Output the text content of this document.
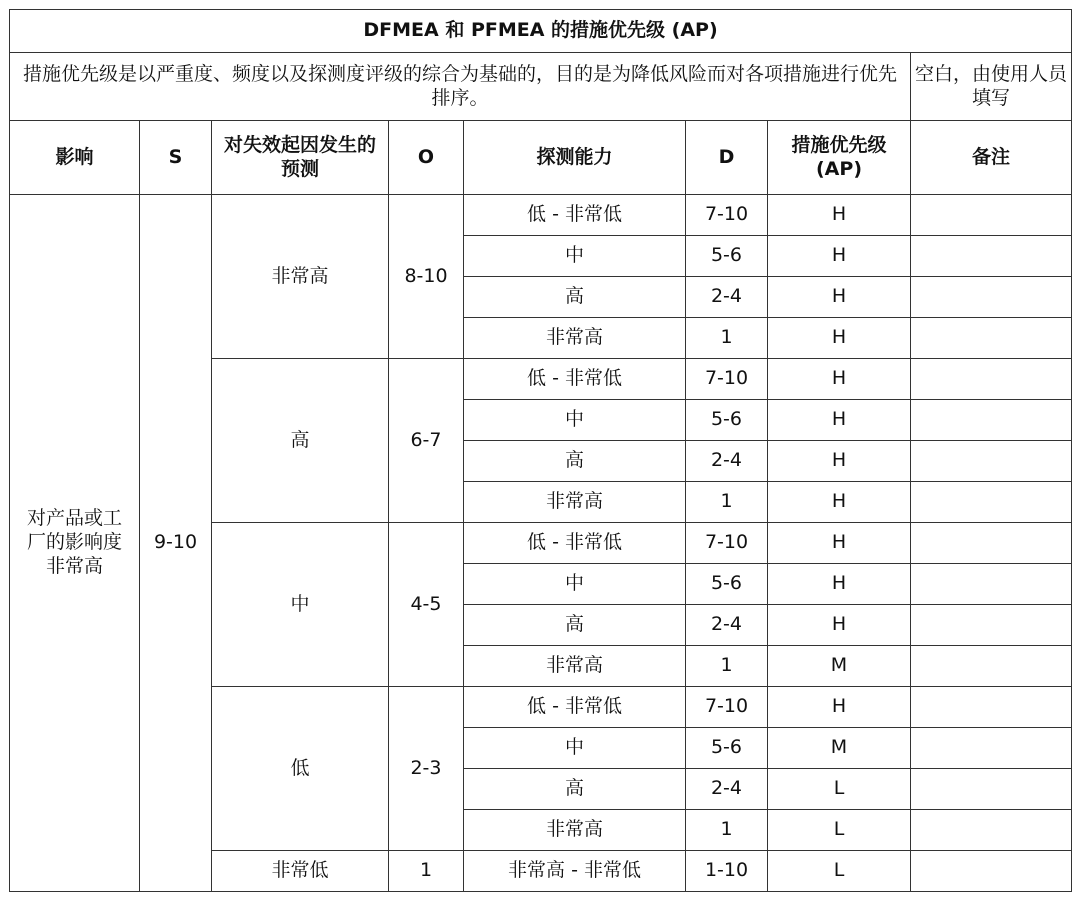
DFMEA 和 PFMEA 的措施优先级 (AP)							
措施优先级是以严重度、频度以及探测度评级的综合为基础的，目的是为降低风险而对各项措施进行优先排序。							空白，由使用人员填写
影响	S	对失效起因发生的预测	O	探测能力	D	措施优先级(AP)	备注
对产品或工厂的影响度非常高	9-10	非常高	8-10	低 - 非常低	7-10	H	
				中	5-6	H	
				高	2-4	H	
				非常高	1	H	
		高	6-7	低 - 非常低	7-10	H	
				中	5-6	H	
				高	2-4	H	
				非常高	1	H	
		中	4-5	低 - 非常低	7-10	H	
				中	5-6	H	
				高	2-4	H	
				非常高	1	M	
		低	2-3	低 - 非常低	7-10	H	
				中	5-6	M	
				高	2-4	L	
				非常高	1	L	
		非常低	1	非常高 - 非常低	1-10	L	
